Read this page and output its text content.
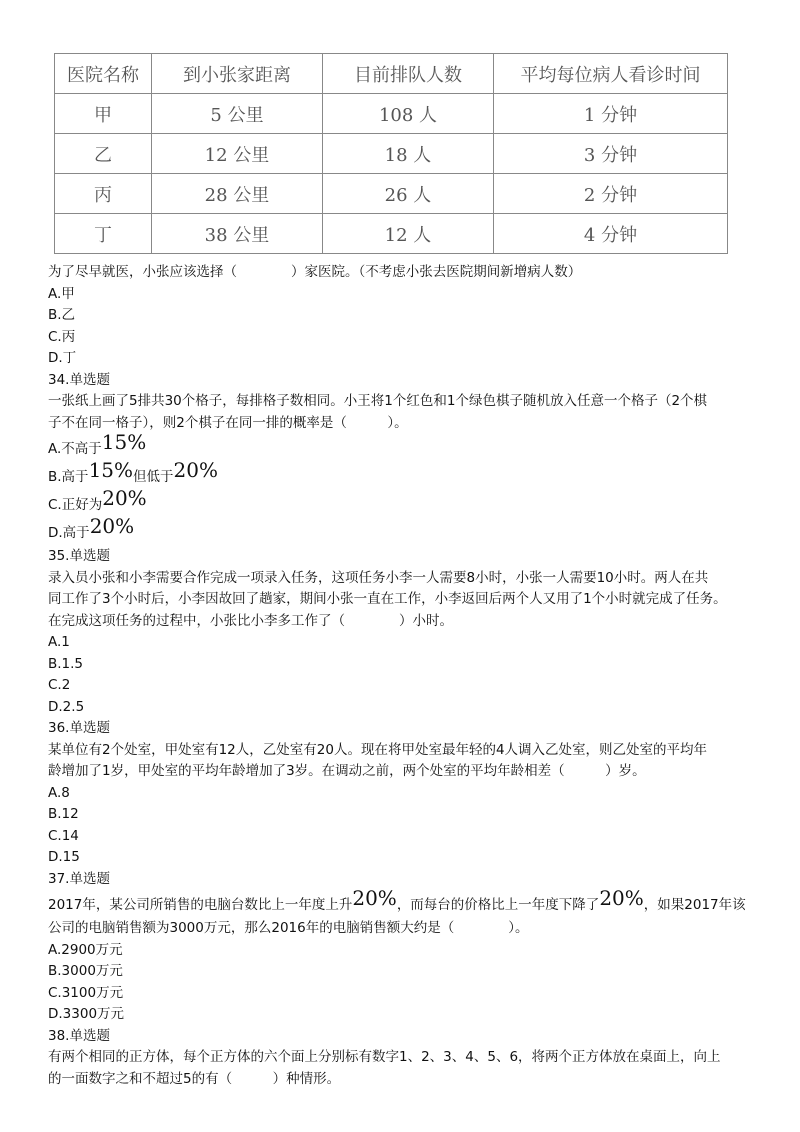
医院名称	到小张家距离	目前排队人数	平均每位病人看诊时间
甲	5 公里	108 人	1 分钟
乙	12 公里	18 人	3 分钟
丙	28 公里	26 人	2 分钟
丁	38 公里	12 人	4 分钟
为了尽早就医，小张应该选择（　　　　）家医院。（不考虑小张去医院期间新增病人数）
A.甲
B.乙
C.丙
D.丁
34.单选题
一张纸上画了5排共30个格子，每排格子数相同。小王将1个红色和1个绿色棋子随机放入任意一个格子（2个棋
子不在同一格子），则2个棋子在同一排的概率是（　　　）。
A.不高于15%
B.高于15%但低于20%
C.正好为20%
D.高于20%
35.单选题
录入员小张和小李需要合作完成一项录入任务，这项任务小李一人需要8小时，小张一人需要10小时。两人在共
同工作了3个小时后，小李因故回了趟家，期间小张一直在工作，小李返回后两个人又用了1个小时就完成了任务。
在完成这项任务的过程中，小张比小李多工作了（　　　　）小时。
A.1
B.1.5
C.2
D.2.5
36.单选题
某单位有2个处室，甲处室有12人，乙处室有20人。现在将甲处室最年轻的4人调入乙处室，则乙处室的平均年
龄增加了1岁，甲处室的平均年龄增加了3岁。在调动之前，两个处室的平均年龄相差（　　　）岁。
A.8
B.12
C.14
D.15
37.单选题
2017年，某公司所销售的电脑台数比上一年度上升20%，而每台的价格比上一年度下降了20%，如果2017年该
公司的电脑销售额为3000万元，那么2016年的电脑销售额大约是（　　　　）。
A.2900万元
B.3000万元
C.3100万元
D.3300万元
38.单选题
有两个相同的正方体，每个正方体的六个面上分别标有数字1、2、3、4、5、6，将两个正方体放在桌面上，向上
的一面数字之和不超过5的有（　　　）种情形。
